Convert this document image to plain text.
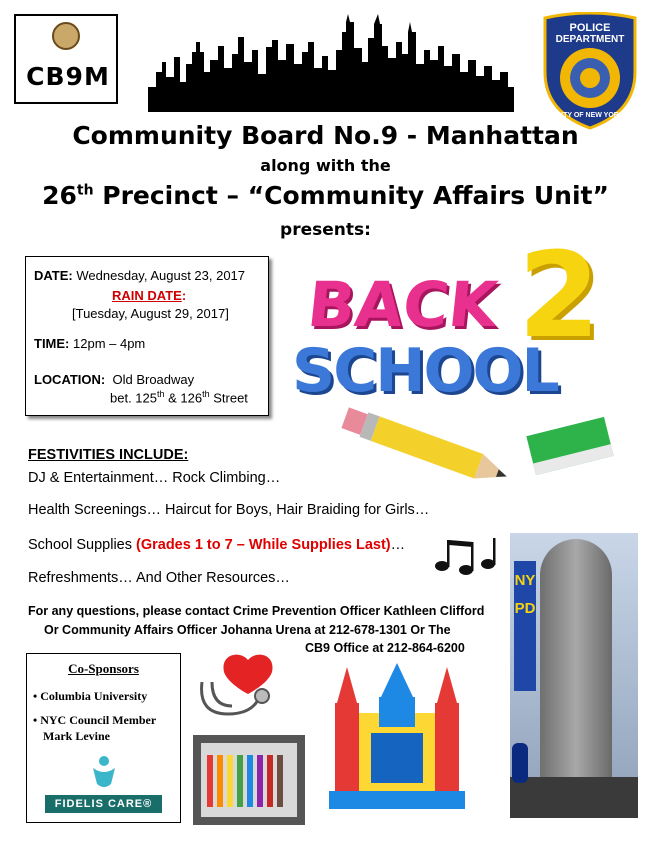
CB9M
POLICE
DEPARTMENT
CITY OF NEW YORK
Community Board No.9 - Manhattan
along with the
26th Precinct – “Community Affairs Unit”
presents:
DATE: Wednesday, August 23, 2017
RAIN DATE:
[Tuesday, August 29, 2017]
TIME: 12pm – 4pm
LOCATION: Old Broadway
bet. 125th & 126th Street
BACK 2
SCHOOL
FESTIVITIES INCLUDE:
DJ & Entertainment… Rock Climbing…
Health Screenings… Haircut for Boys, Hair Braiding for Girls…
School Supplies (Grades 1 to 7 – While Supplies Last)…
Refreshments… And Other Resources…
For any questions, please contact Crime Prevention Officer Kathleen Clifford
Or Community Affairs Officer Johanna Urena at 212-678-1301 Or The
CB9 Office at 212-864-6200
NYPD
Co-Sponsors
• Columbia University
• NYC Council Member
Mark Levine
FIDELIS CARE®
